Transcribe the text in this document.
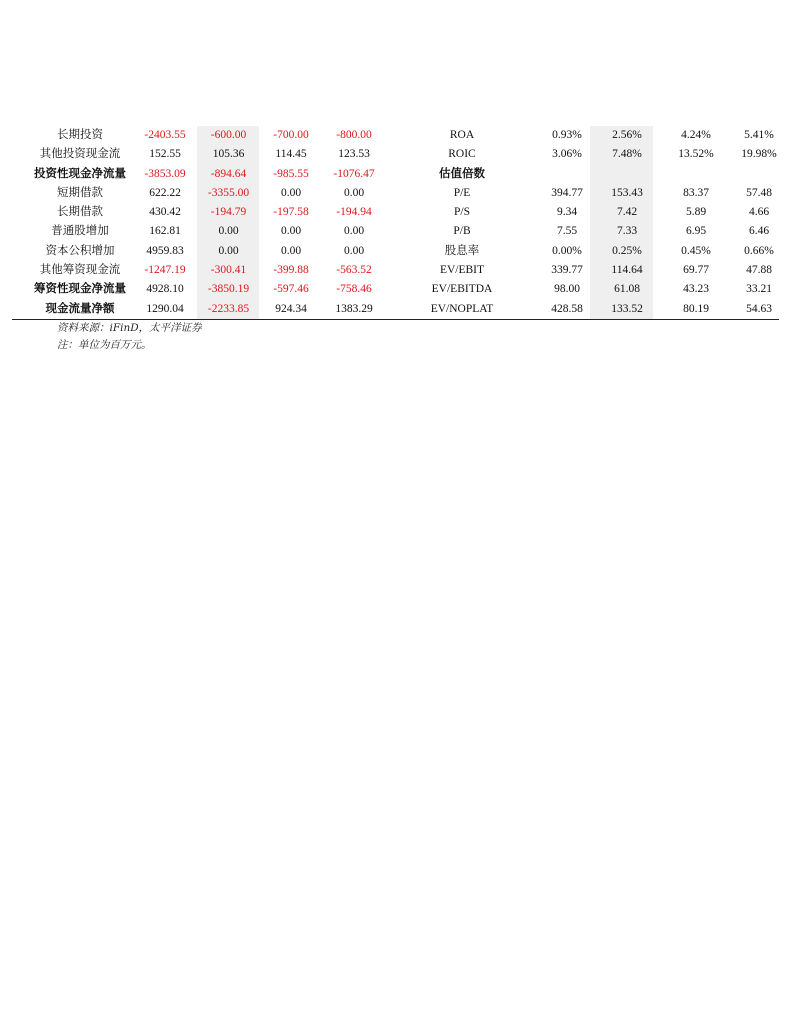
长期投资	-2403.55	-600.00	-700.00	-800.00	ROA	0.93%	2.56%	4.24%	5.41%
其他投资现金流	152.55	105.36	114.45	123.53	ROIC	3.06%	7.48%	13.52%	19.98%
投资性现金净流量	-3853.09	-894.64	-985.55	-1076.47	估值倍数
短期借款	622.22	-3355.00	0.00	0.00	P/E	394.77	153.43	83.37	57.48
长期借款	430.42	-194.79	-197.58	-194.94	P/S	9.34	7.42	5.89	4.66
普通股增加	162.81	0.00	0.00	0.00	P/B	7.55	7.33	6.95	6.46
资本公积增加	4959.83	0.00	0.00	0.00	股息率	0.00%	0.25%	0.45%	0.66%
其他筹资现金流	-1247.19	-300.41	-399.88	-563.52	EV/EBIT	339.77	114.64	69.77	47.88
筹资性现金净流量	4928.10	-3850.19	-597.46	-758.46	EV/EBITDA	98.00	61.08	43.23	33.21
现金流量净额	1290.04	-2233.85	924.34	1383.29	EV/NOPLAT	428.58	133.52	80.19	54.63
资料来源：iFinD，太平洋证券
注：单位为百万元。
